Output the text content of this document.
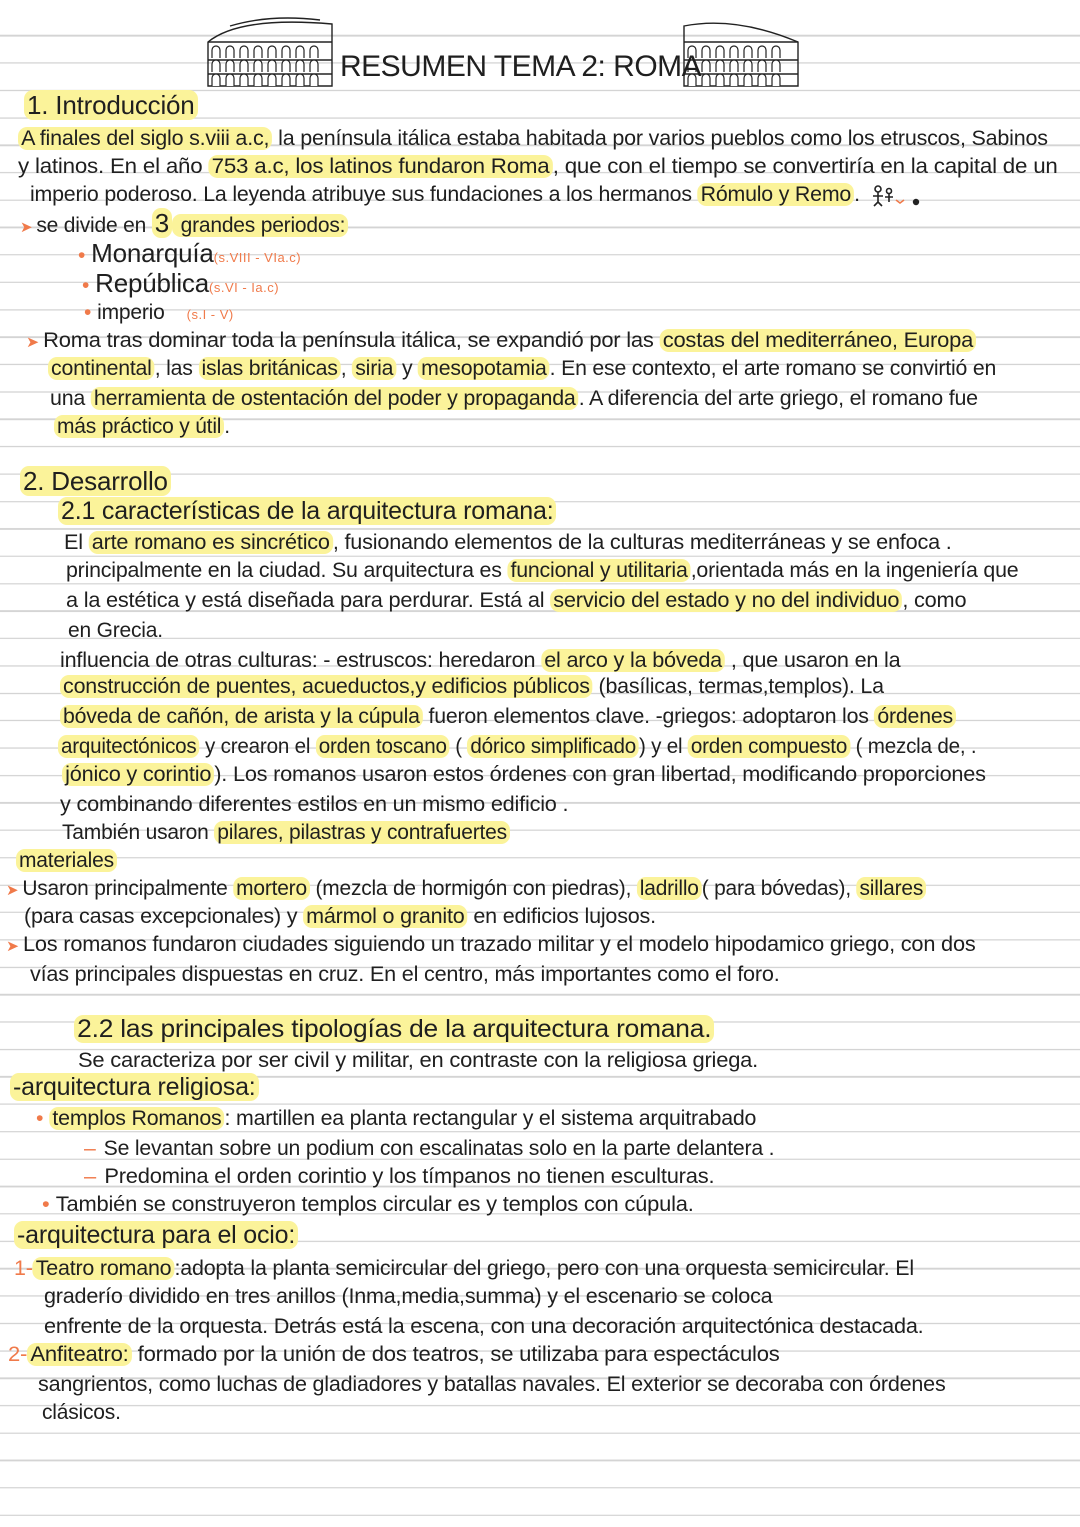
RESUMEN TEMA 2: ROMA
1. Introducción
A finales del siglo s.viii a.c, la península itálica estaba habitada por varios pueblos como los etruscos, Sabinos
y latinos. En el año 753 a.c, los latinos fundaron Roma , que con el tiempo se convertiría en la capital de un
imperio poderoso. La leyenda atribuye sus fundaciones a los hermanos Rómulo y Remo .
➤ se divide en 3 grandes periodos:
• Monarquía(s.VIII - VIa.c)
• República(s.VI - Ia.c)
• imperio (s.I - V)
➤ Roma tras dominar toda la península itálica, se expandió por las costas del mediterráneo, Europa
continental , las islas británicas , siria y mesopotamia . En ese contexto, el arte romano se convirtió en
una herramienta de ostentación del poder y propaganda . A diferencia del arte griego, el romano fue
más práctico y útil .
2. Desarrollo
2.1 características de la arquitectura romana:
El arte romano es sincrético , fusionando elementos de la culturas mediterráneas y se enfoca .
principalmente en la ciudad. Su arquitectura es funcional y utilitaria ,orientada más en la ingeniería que
a la estética y está diseñada para perdurar. Está al servicio del estado y no del individuo , como
en Grecia.
influencia de otras culturas: - estruscos: heredaron el arco y la bóveda , que usaron en la
construcción de puentes, acueductos,y edificios públicos (basílicas, termas,templos). La
bóveda de cañón, de arista y la cúpula fueron elementos clave. -griegos: adoptaron los órdenes
arquitectónicos y crearon el orden toscano ( dórico simplificado ) y el orden compuesto ( mezcla de, .
jónico y corintio ). Los romanos usaron estos órdenes con gran libertad, modificando proporciones
y combinando diferentes estilos en un mismo edificio .
También usaron pilares, pilastras y contrafuertes
materiales
➤ Usaron principalmente mortero (mezcla de hormigón con piedras), ladrillo ( para bóvedas), sillares
(para casas excepcionales) y mármol o granito en edificios lujosos.
➤ Los romanos fundaron ciudades siguiendo un trazado militar y el modelo hipodamico griego, con dos
vías principales dispuestas en cruz. En el centro, más importantes como el foro.
2.2 las principales tipologías de la arquitectura romana.
Se caracteriza por ser civil y militar, en contraste con la religiosa griega.
-arquitectura religiosa:
• templos Romanos : martillen ea planta rectangular y el sistema arquitrabado
– Se levantan sobre un podium con escalinatas solo en la parte delantera .
– Predomina el orden corintio y los tímpanos no tienen esculturas.
• También se construyeron templos circular es y templos con cúpula.
-arquitectura para el ocio:
1- Teatro romano :adopta la planta semicircular del griego, pero con una orquesta semicircular. El
graderío dividido en tres anillos (Inma,media,summa) y el escenario se coloca
enfrente de la orquesta. Detrás está la escena, con una decoración arquitectónica destacada.
2- Anfiteatro: formado por la unión de dos teatros, se utilizaba para espectáculos
sangrientos, como luchas de gladiadores y batallas navales. El exterior se decoraba con órdenes
clásicos.
